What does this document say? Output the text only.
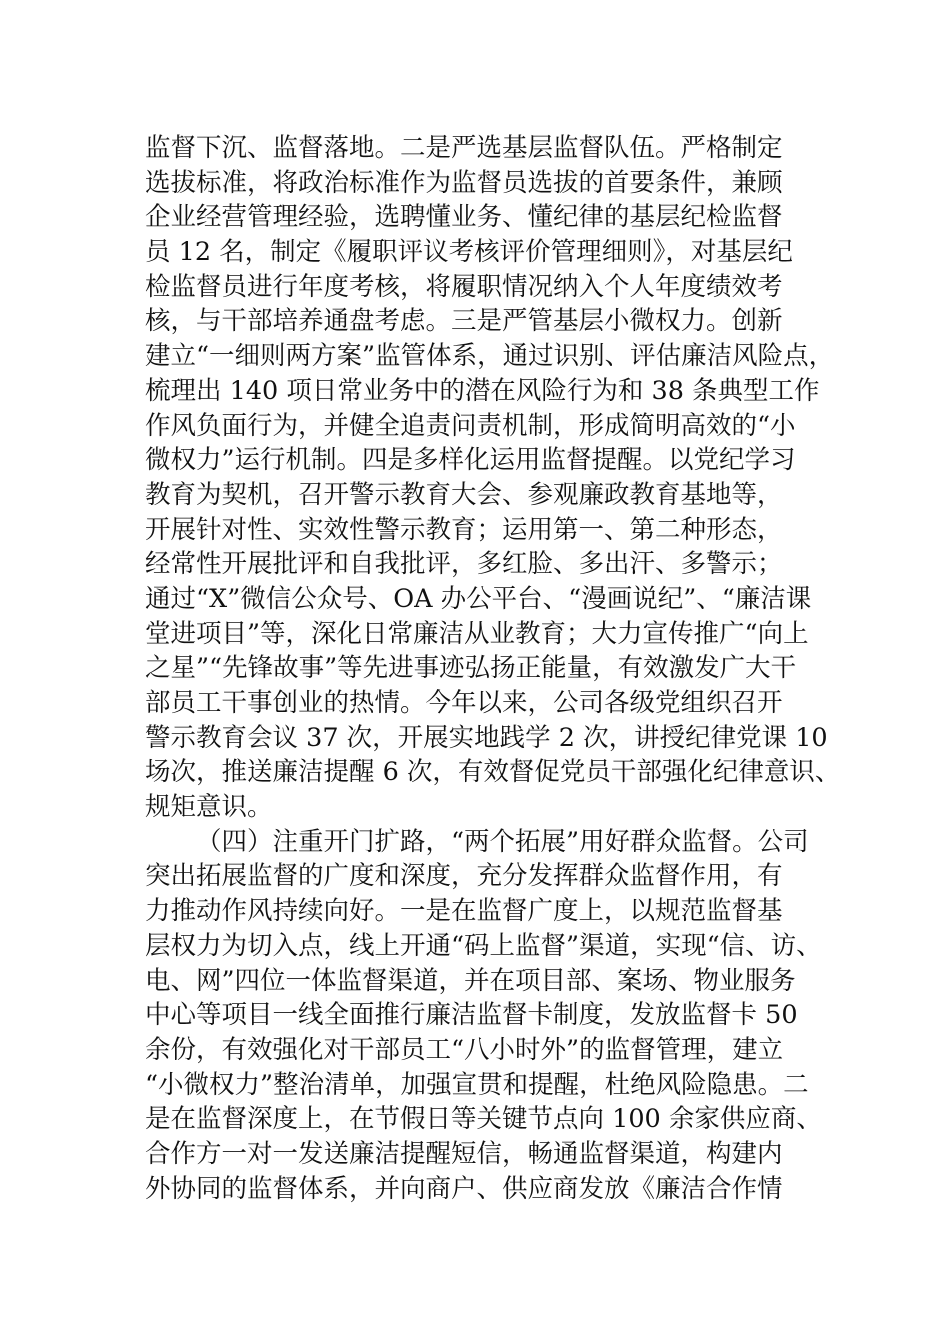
监督下沉、监督落地。二是严选基层监督队伍。严格制定
选拔标准，将政治标准作为监督员选拔的首要条件，兼顾
企业经营管理经验，选聘懂业务、懂纪律的基层纪检监督
员 12 名，制定《履职评议考核评价管理细则》，对基层纪
检监督员进行年度考核，将履职情况纳入个人年度绩效考
核，与干部培养通盘考虑。三是严管基层小微权力。创新
建立“一细则两方案”监管体系，通过识别、评估廉洁风险点，
梳理出 140 项日常业务中的潜在风险行为和 38 条典型工作
作风负面行为，并健全追责问责机制，形成简明高效的“小
微权力”运行机制。四是多样化运用监督提醒。以党纪学习
教育为契机，召开警示教育大会、参观廉政教育基地等，
开展针对性、实效性警示教育；运用第一、第二种形态，
经常性开展批评和自我批评，多红脸、多出汗、多警示；
通过“X”微信公众号、OA 办公平台、“漫画说纪”、“廉洁课
堂进项目”等，深化日常廉洁从业教育；大力宣传推广“向上
之星”“先锋故事”等先进事迹弘扬正能量，有效激发广大干
部员工干事创业的热情。今年以来，公司各级党组织召开
警示教育会议 37 次，开展实地践学 2 次，讲授纪律党课 10
场次，推送廉洁提醒 6 次，有效督促党员干部强化纪律意识、
规矩意识。
（四）注重开门扩路，“两个拓展”用好群众监督。公司
突出拓展监督的广度和深度，充分发挥群众监督作用，有
力推动作风持续向好。一是在监督广度上，以规范监督基
层权力为切入点，线上开通“码上监督”渠道，实现“信、访、
电、网”四位一体监督渠道，并在项目部、案场、物业服务
中心等项目一线全面推行廉洁监督卡制度，发放监督卡 50
余份，有效强化对干部员工“八小时外”的监督管理，建立
“小微权力”整治清单，加强宣贯和提醒，杜绝风险隐患。二
是在监督深度上，在节假日等关键节点向 100 余家供应商、
合作方一对一发送廉洁提醒短信，畅通监督渠道，构建内
外协同的监督体系，并向商户、供应商发放《廉洁合作情
